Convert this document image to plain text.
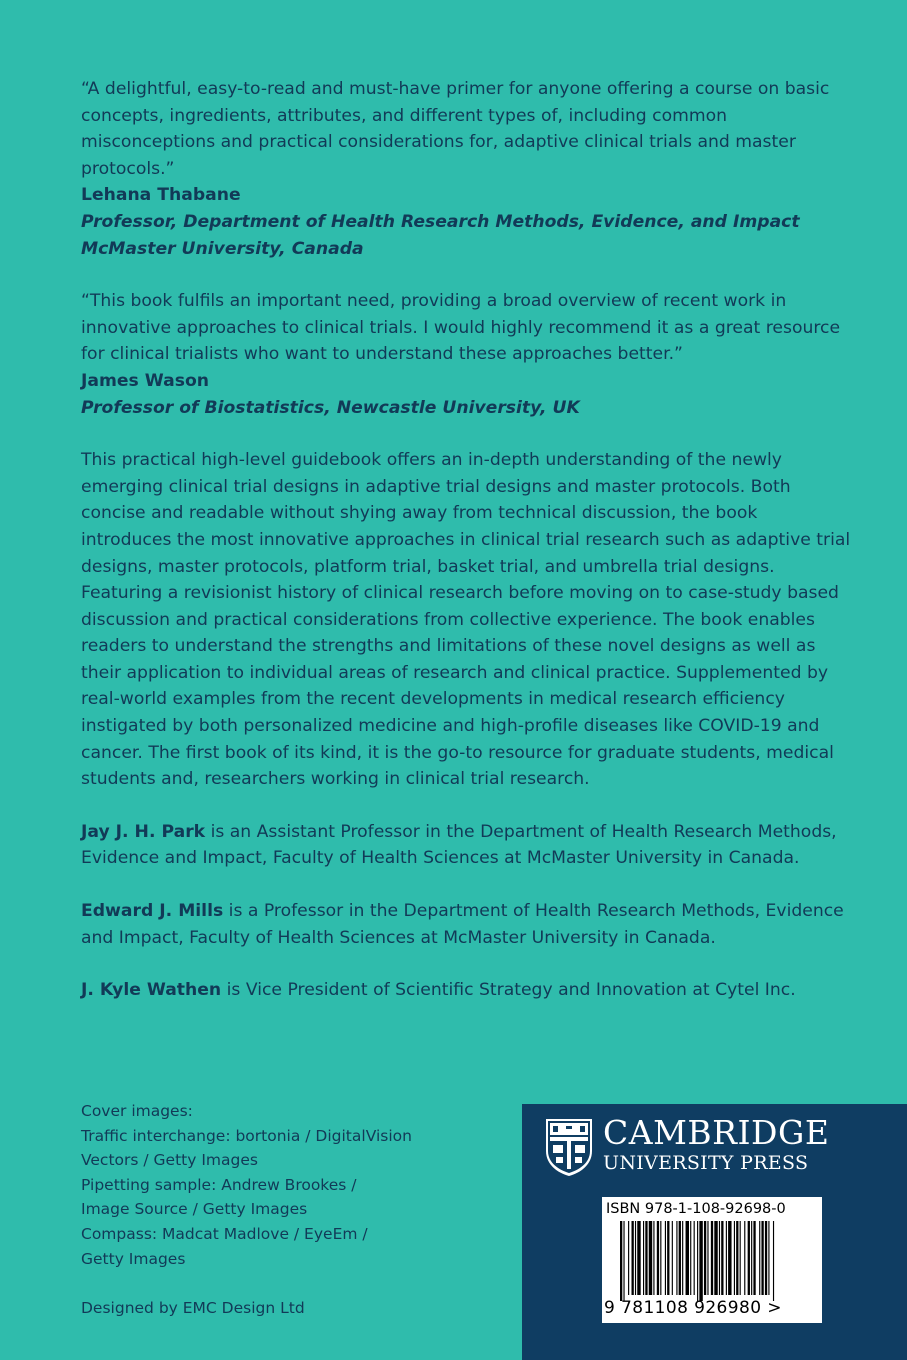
“A delightful, easy-to-read and must-have primer for anyone offering a course on basic concepts, ingredients, attributes, and different types of, including common misconceptions and practical considerations for, adaptive clinical trials and master protocols.”

Lehana Thabane

Professor, Department of Health Research Methods, Evidence, and Impact

McMaster University, Canada

“This book fulfils an important need, providing a broad overview of recent work in innovative approaches to clinical trials. I would highly recommend it as a great resource for clinical trialists who want to understand these approaches better.”

James Wason

Professor of Biostatistics, Newcastle University, UK

This practical high-level guidebook offers an in-depth understanding of the newly emerging clinical trial designs in adaptive trial designs and master protocols. Both concise and readable without shying away from technical discussion, the book introduces the most innovative approaches in clinical trial research such as adaptive trial designs, master protocols, platform trial, basket trial, and umbrella trial designs. Featuring a revisionist history of clinical research before moving on to case-study based discussion and practical considerations from collective experience. The book enables readers to understand the strengths and limitations of these novel designs as well as their application to individual areas of research and clinical practice. Supplemented by real-world examples from the recent developments in medical research efficiency instigated by both personalized medicine and high-profile diseases like COVID-19 and cancer. The first book of its kind, it is the go-to resource for graduate students, medical students and, researchers working in clinical trial research.

Jay J. H. Park is an Assistant Professor in the Department of Health Research Methods, Evidence and Impact, Faculty of Health Sciences at McMaster University in Canada.

Edward J. Mills is a Professor in the Department of Health Research Methods, Evidence and Impact, Faculty of Health Sciences at McMaster University in Canada.

J. Kyle Wathen is Vice President of Scientific Strategy and Innovation at Cytel Inc.

Cover images:

Traffic interchange: bortonia / DigitalVision

Vectors / Getty Images

Pipetting sample: Andrew Brookes /

Image Source / Getty Images

Compass: Madcat Madlove / EyeEm /

Getty Images

Designed by EMC Design Ltd
CAMBRIDGE
UNIVERSITY PRESS
ISBN 978-1-108-92698-0
9 781108 926980 >
